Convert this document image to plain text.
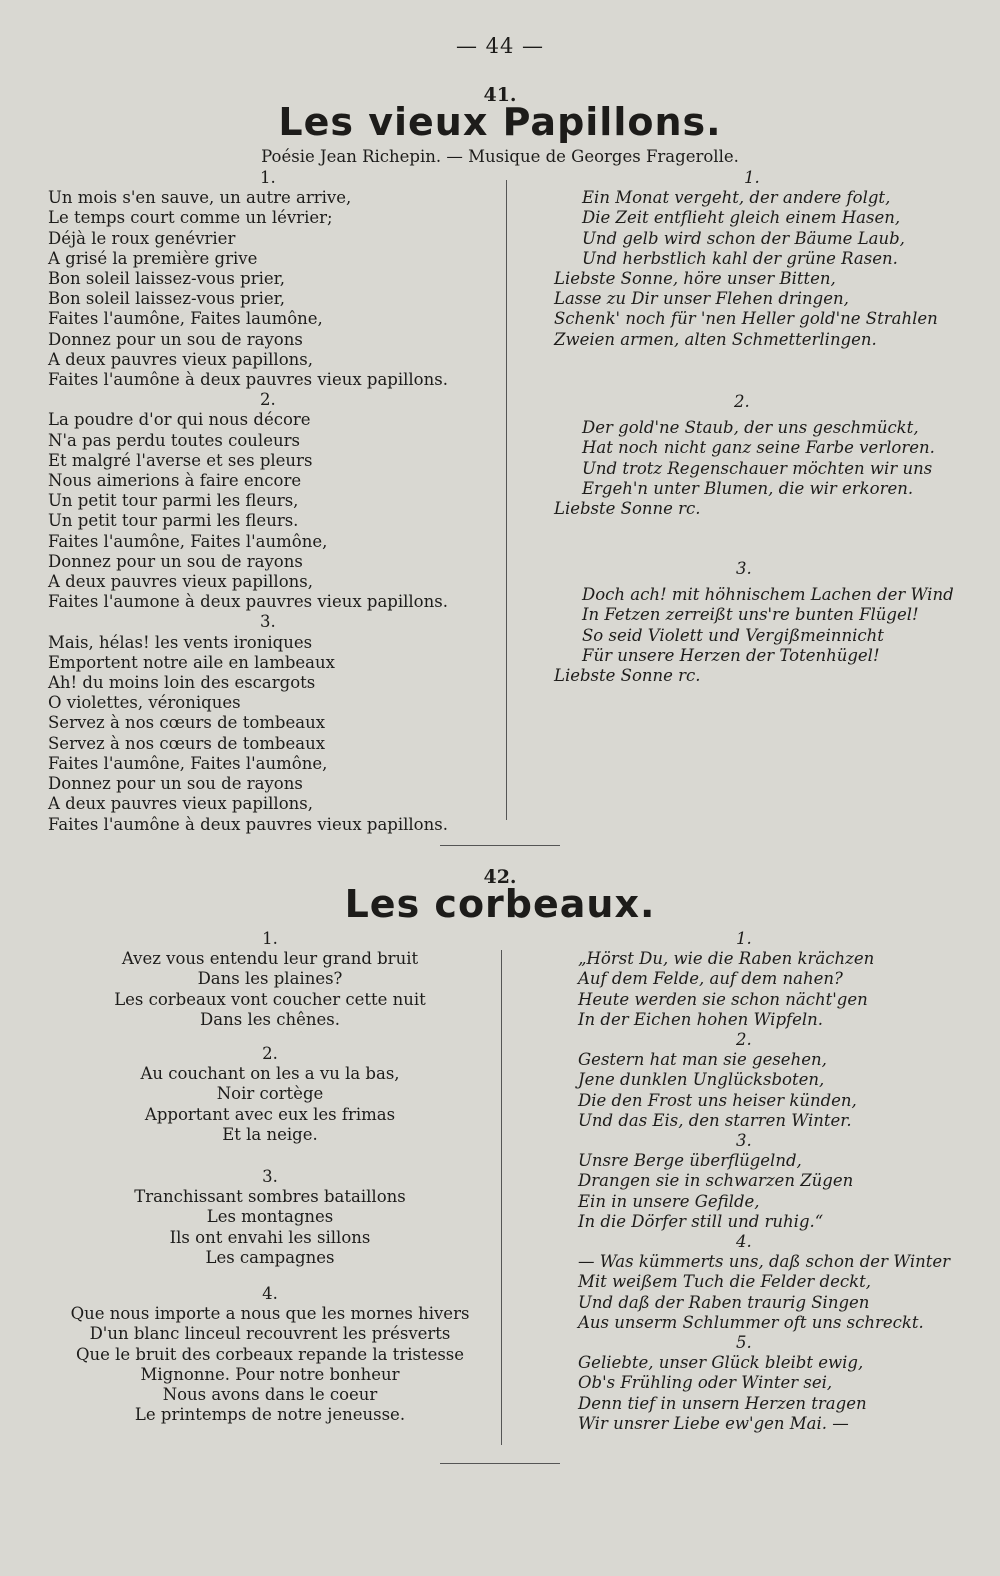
— 44 —
41.
Les vieux Papillons.
Poésie Jean Richepin. — Musique de Georges Fragerolle.
1.
Un mois s'en sauve, un autre arrive,
Le temps court comme un lévrier;
Déjà le roux genévrier
A grisé la première grive
Bon soleil laissez-vous prier,
Bon soleil laissez-vous prier,
Faites l'aumône, Faites laumône,
Donnez pour un sou de rayons
A deux pauvres vieux papillons,
Faites l'aumône à deux pauvres vieux papillons.
2.
La poudre d'or qui nous décore
N'a pas perdu toutes couleurs
Et malgré l'averse et ses pleurs
Nous aimerions à faire encore
Un petit tour parmi les fleurs,
Un petit tour parmi les fleurs.
Faites l'aumône, Faites l'aumône,
Donnez pour un sou de rayons
A deux pauvres vieux papillons,
Faites l'aumone à deux pauvres vieux papillons.
3.
Mais, hélas! les vents ironiques
Emportent notre aile en lambeaux
Ah! du moins loin des escargots
O violettes, véroniques
Servez à nos cœurs de tombeaux
Servez à nos cœurs de tombeaux
Faites l'aumône, Faites l'aumône,
Donnez pour un sou de rayons
A deux pauvres vieux papillons,
Faites l'aumône à deux pauvres vieux papillons.
1.
Ein Monat vergeht, der andere folgt,
Die Zeit entflieht gleich einem Hasen,
Und gelb wird schon der Bäume Laub,
Und herbstlich kahl der grüne Rasen.
Liebste Sonne, höre unser Bitten,
Lasse zu Dir unser Flehen dringen,
Schenk' noch für 'nen Heller gold'ne Strahlen
Zweien armen, alten Schmetterlingen.
2.
Der gold'ne Staub, der uns geschmückt,
Hat noch nicht ganz seine Farbe verloren.
Und trotz Regenschauer möchten wir uns
Ergeh'n unter Blumen, die wir erkoren.
Liebste Sonne rc.
3.
Doch ach! mit höhnischem Lachen der Wind
In Fetzen zerreißt uns're bunten Flügel!
So seid Violett und Vergißmeinnicht
Für unsere Herzen der Totenhügel!
Liebste Sonne rc.
42.
Les corbeaux.
1.
Avez vous entendu leur grand bruit
Dans les plaines?
Les corbeaux vont coucher cette nuit
Dans les chênes.
2.
Au couchant on les a vu la bas,
Noir cortège
Apportant avec eux les frimas
Et la neige.
3.
Tranchissant sombres bataillons
Les montagnes
Ils ont envahi les sillons
Les campagnes
4.
Que nous importe a nous que les mornes hivers
D'un blanc linceul recouvrent les présverts
Que le bruit des corbeaux repande la tristesse
Mignonne. Pour notre bonheur
Nous avons dans le coeur
Le printemps de notre jeneusse.
1.
„Hörst Du, wie die Raben krächzen
Auf dem Felde, auf dem nahen?
Heute werden sie schon nächt'gen
In der Eichen hohen Wipfeln.
2.
Gestern hat man sie gesehen,
Jene dunklen Unglücksboten,
Die den Frost uns heiser künden,
Und das Eis, den starren Winter.
3.
Unsre Berge überflügelnd,
Drangen sie in schwarzen Zügen
Ein in unsere Gefilde,
In die Dörfer still und ruhig.“
4.
— Was kümmerts uns, daß schon der Winter
Mit weißem Tuch die Felder deckt,
Und daß der Raben traurig Singen
Aus unserm Schlummer oft uns schreckt.
5.
Geliebte, unser Glück bleibt ewig,
Ob's Frühling oder Winter sei,
Denn tief in unsern Herzen tragen
Wir unsrer Liebe ew'gen Mai. —
